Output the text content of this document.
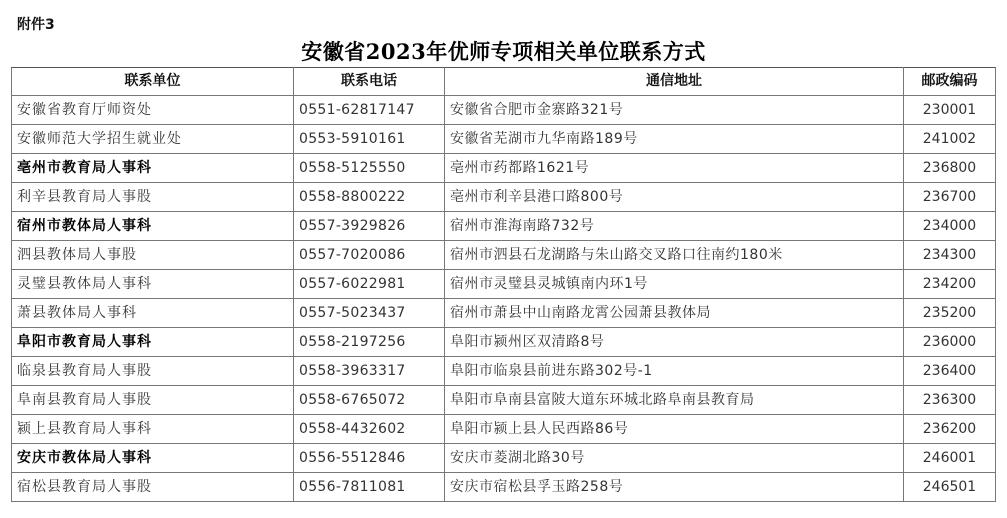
附件3
安徽省2023年优师专项相关单位联系方式
联系单位	联系电话	通信地址	邮政编码
安徽省教育厅师资处	0551-62817147	安徽省合肥市金寨路321号	230001
安徽师范大学招生就业处	0553-5910161	安徽省芜湖市九华南路189号	241002
亳州市教育局人事科	0558-5125550	亳州市药都路1621号	236800
利辛县教育局人事股	0558-8800222	亳州市利辛县港口路800号	236700
宿州市教体局人事科	0557-3929826	宿州市淮海南路732号	234000
泗县教体局人事股	0557-7020086	宿州市泗县石龙湖路与朱山路交叉路口往南约180米	234300
灵璧县教体局人事科	0557-6022981	宿州市灵璧县灵城镇南内环1号	234200
萧县教体局人事科	0557-5023437	宿州市萧县中山南路龙霄公园萧县教体局	235200
阜阳市教育局人事科	0558-2197256	阜阳市颍州区双清路8号	236000
临泉县教育局人事股	0558-3963317	阜阳市临泉县前进东路302号-1	236400
阜南县教育局人事股	0558-6765072	阜阳市阜南县富陂大道东环城北路阜南县教育局	236300
颍上县教育局人事科	0558-4432602	阜阳市颍上县人民西路86号	236200
安庆市教体局人事科	0556-5512846	安庆市菱湖北路30号	246001
宿松县教育局人事股	0556-7811081	安庆市宿松县孚玉路258号	246501
